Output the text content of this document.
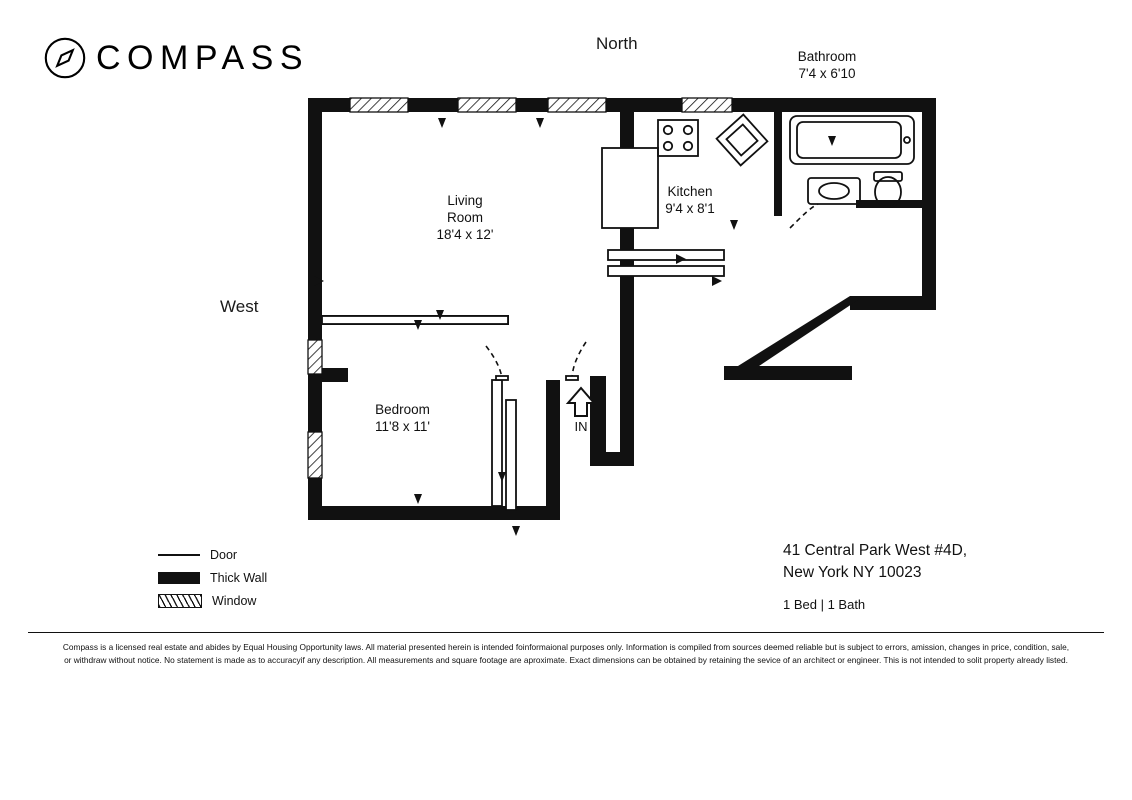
COMPASS	North
West
Living
Room
18'4 x 12'
Kitchen
9'4 x 8'1
Bathroom
7'4 x 6'10
Bedroom
11'8 x 11'	IN
Door
Thick Wall
Window
41 Central Park West #4D,
New York NY 10023
1 Bed | 1 Bath
Compass is a licensed real estate and abides by Equal Housing Opportunity laws. All material presented herein is intended foinformaional purposes only. Information is compiled from sources deemed reliable but is subject to errors, amission, changes in price, condition, sale,
or withdraw without notice. No statement is made as to accuracyif any description. All measurements and square footage are aproximate. Exact dimensions can be obtained by retaining the sevice of an architect or engineer. This is not intended to solit property already listed.
